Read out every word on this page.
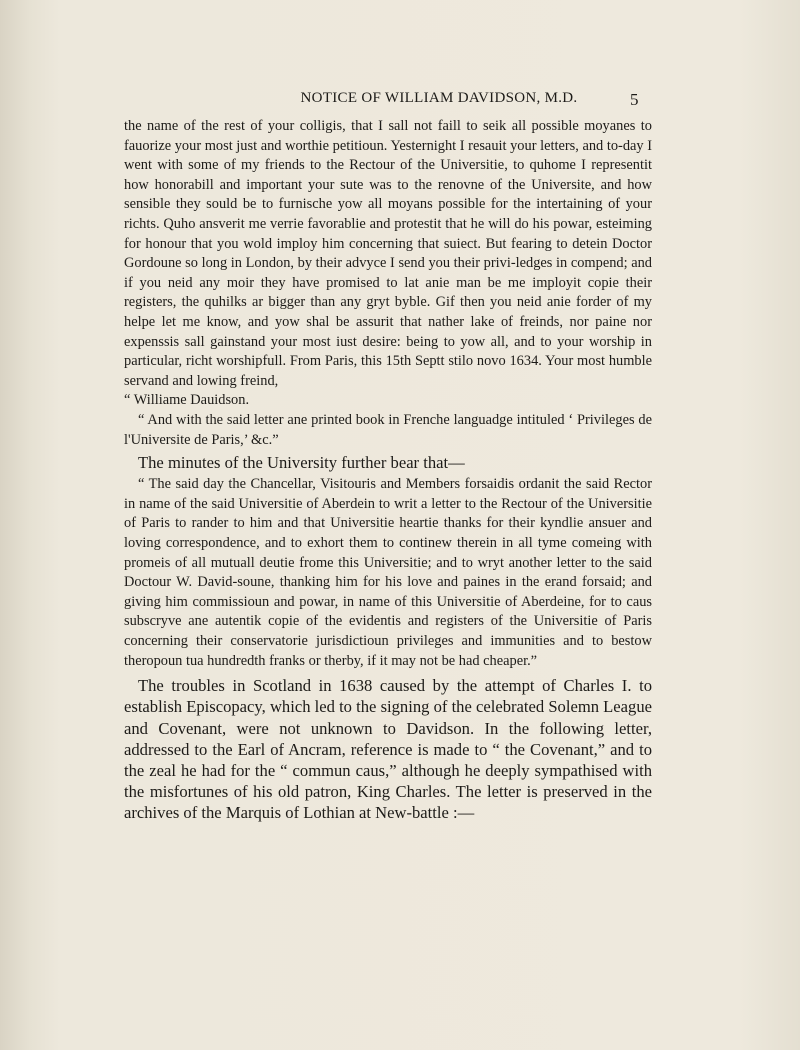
NOTICE OF WILLIAM DAVIDSON, M.D.	5

the name of the rest of your colligis, that I sall not faill to seik all possible moyanes to fauorize your most just and worthie petitioun. Yesternight I resauit your letters, and to-day I went with some of my friends to the Rectour of the Universitie, to quhome I representit how honorabill and important your sute was to the renovne of the Universite, and how sensible they sould be to furnische yow all moyans possible for the intertaining of your richts. Quho ansverit me verrie favorablie and protestit that he will do his powar, esteiming for honour that you wold imploy him concerning that suiect. But fearing to detein Doctor Gordoune so long in London, by their advyce I send you their privi-ledges in compend; and if you neid any moir they have promised to lat anie man be me imployit copie their registers, the quhilks ar bigger than any gryt byble. Gif then you neid anie forder of my helpe let me know, and yow shal be assurit that nather lake of freinds, nor paine nor expenssis sall gainstand your most iust desire: being to yow all, and to your worship in particular, richt worshipfull. From Paris, this 15th Septt stilo novo 1634. Your most humble servand and lowing freind,

“ Williame Dauidson.

“ And with the said letter ane printed book in Frenche languadge intituled ‘ Privileges de l'Universite de Paris,’ &c.”

The minutes of the University further bear that—

“ The said day the Chancellar, Visitouris and Members forsaidis ordanit the said Rector in name of the said Universitie of Aberdein to writ a letter to the Rectour of the Universitie of Paris to rander to him and that Universitie heartie thanks for their kyndlie ansuer and loving correspondence, and to exhort them to continew therein in all tyme comeing with promeis of all mutuall deutie frome this Universitie; and to wryt another letter to the said Doctour W. David-soune, thanking him for his love and paines in the erand forsaid; and giving him commissioun and powar, in name of this Universitie of Aberdeine, for to caus subscryve ane autentik copie of the evidentis and registers of the Universitie of Paris concerning their conservatorie jurisdictioun privileges and immunities and to bestow theropoun tua hundredth franks or therby, if it may not be had cheaper.”

The troubles in Scotland in 1638 caused by the attempt of Charles I. to establish Episcopacy, which led to the signing of the celebrated Solemn League and Covenant, were not unknown to Davidson. In the following letter, addressed to the Earl of Ancram, reference is made to “ the Covenant,” and to the zeal he had for the “ commun caus,” although he deeply sympathised with the misfortunes of his old patron, King Charles. The letter is preserved in the archives of the Marquis of Lothian at New-battle :—
